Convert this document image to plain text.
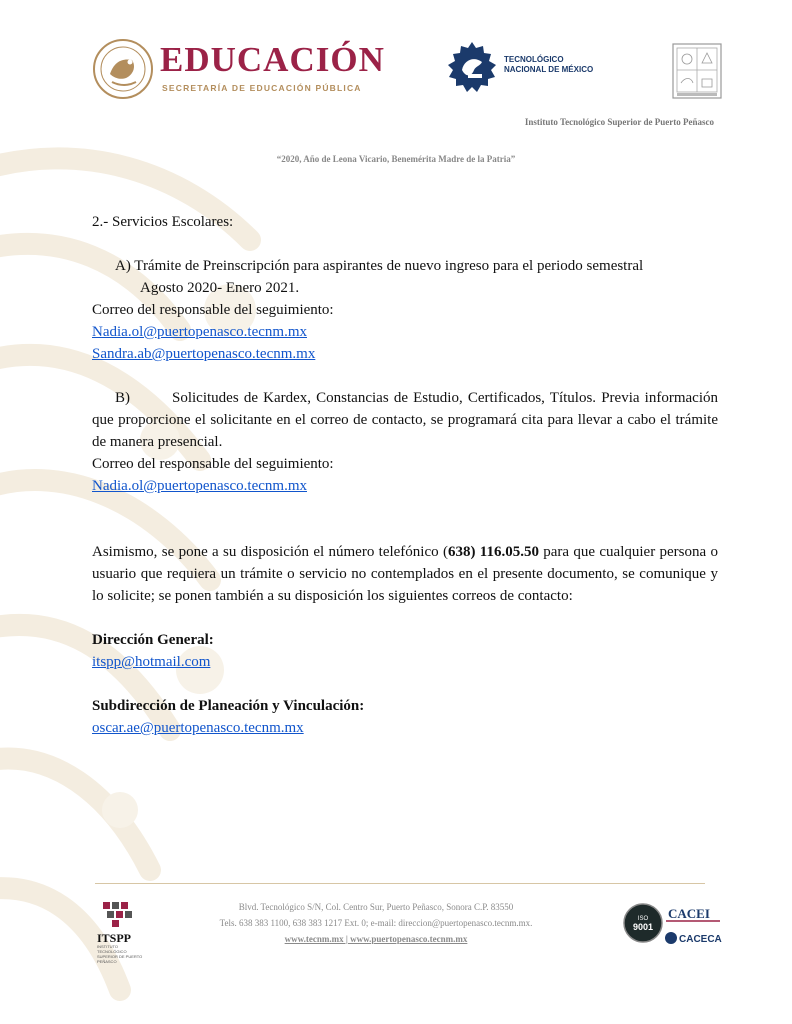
EDUCACIÓN
SECRETARÍA DE EDUCACIÓN PÚBLICA
TECNOLÓGICO
NACIONAL DE MÉXICO
Instituto Tecnológico Superior de Puerto Peñasco
“2020, Año de Leona Vicario, Benemérita Madre de la Patria”

2.- Servicios Escolares:

A) Trámite de Preinscripción para aspirantes de nuevo ingreso para el periodo semestral

Agosto 2020- Enero 2021.

Correo del responsable del seguimiento:

Nadia.ol@puertopenasco.tecnm.mx

Sandra.ab@puertopenasco.tecnm.mx

B)	Solicitudes de Kardex, Constancias de Estudio, Certificados, Títulos. Previa información que proporcione el solicitante en el correo de contacto, se programará cita para llevar a cabo el trámite de manera presencial.

Correo del responsable del seguimiento:

Nadia.ol@puertopenasco.tecnm.mx

Asimismo, se pone a su disposición el número telefónico (638) 116.05.50 para que cualquier persona o usuario que requiera un trámite o servicio no contemplados en el presente documento, se comunique y lo solicite; se ponen también a su disposición los siguientes correos de contacto:

Dirección General:

itspp@hotmail.com

Subdirección de Planeación y Vinculación:

oscar.ae@puertopenasco.tecnm.mx

ITSPP
INSTITUTO TECNOLÓGICO SUPERIOR DE PUERTO PEÑASCO
Blvd. Tecnológico S/N, Col. Centro Sur, Puerto Peñasco, Sonora C.P. 83550
Tels. 638 383 1100, 638 383 1217 Ext. 0; e-mail: direccion@puertopenasco.tecnm.mx.
www.tecnm.mx | www.puertopenasco.tecnm.mx
ISO
9001
CACEI
CACECA
